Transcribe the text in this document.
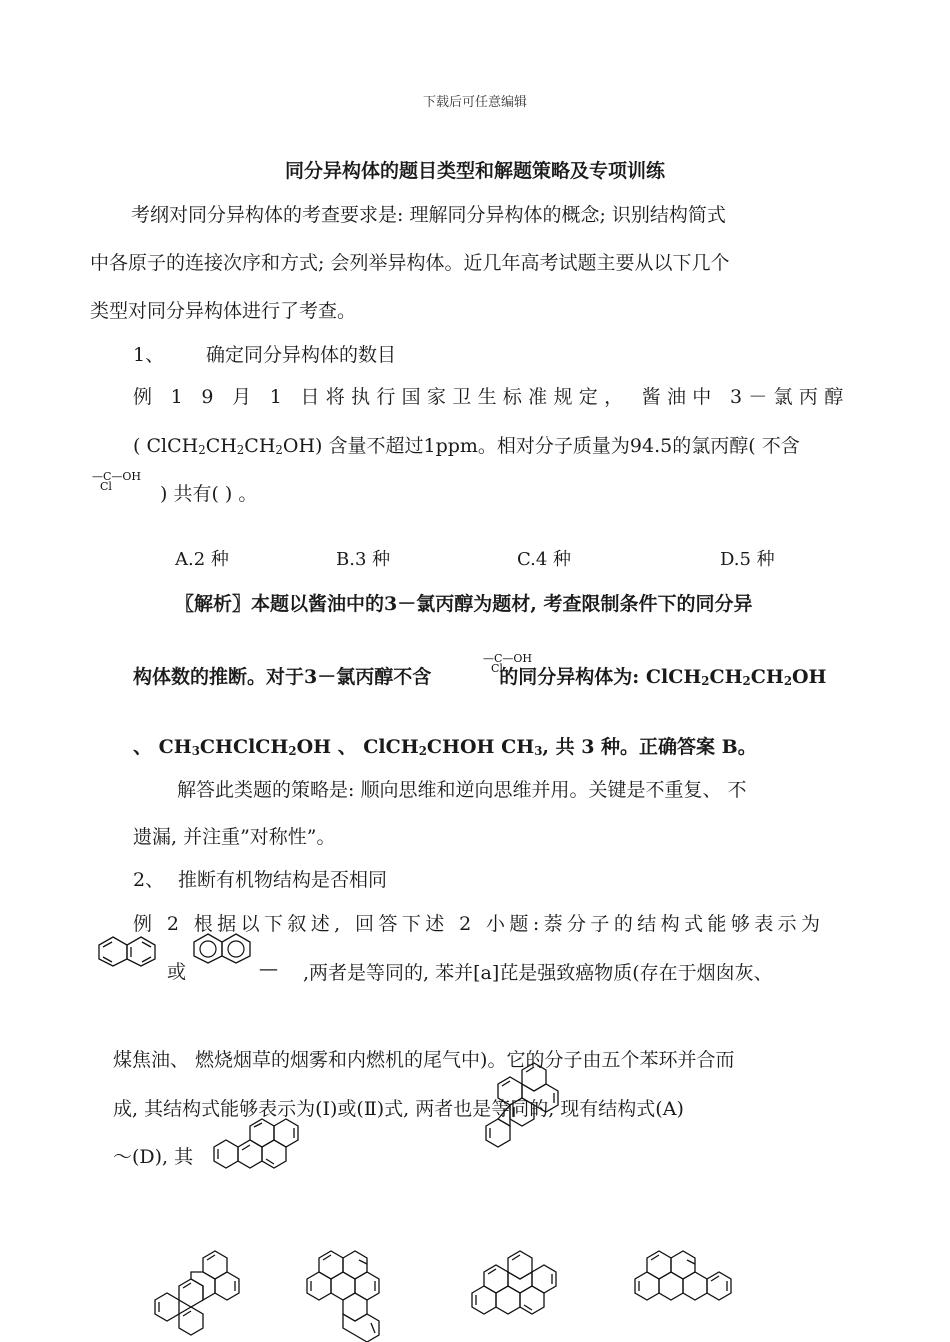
下载后可任意编辑
同分异构体的题目类型和解题策略及专项训练
考纲对同分异构体的考查要求是: 理解同分异构体的概念; 识别结构简式
中各原子的连接次序和方式; 会列举异构体。近几年高考试题主要从以下几个
类型对同分异构体进行了考查。
1、 确定同分异构体的数目
例 1 9 月 1 日将执行国家卫生标准规定， 酱油中 3－氯丙醇
( $ClCH_2CH_2CH_2OH$) 含量不超过1ppm。相对分子质量为94.5的氯丙醇( 不含
—C—OH
Cl	) 共有( ) 。
A.2 种	B.3 种	C.4 种	D.5 种
〖解析〗本题以酱油中的3－氯丙醇为题材, 考查限制条件下的同分异
构体数的推断。对于3－氯丙醇不含	的同分异构体为: $ClCH_2CH_2CH_2OH$
—C—OH
Cl
、 $CH_3CHClCH_2OH$ 、 ClCH$_2$CHOH $CH_3$, 共 3 种。正确答案 B。
解答此类题的策略是: 顺向思维和逆向思维并用。关键是不重复、 不
遗漏, 并注重”对称性”。
2、 推断有机物结构是否相同
例 2 根据以下叙述, 回答下述 2 小题:萘分子的结构式能够表示为
或	— ,两者是等同的, 苯并[a]芘是强致癌物质(存在于烟囱灰、
煤焦油、 燃烧烟草的烟雾和内燃机的尾气中)。它的分子由五个苯环并合而
成, 其结构式能够表示为(Ⅰ)或(Ⅱ)式, 两者也是等同的, 现有结构式(A)
～(D), 其
